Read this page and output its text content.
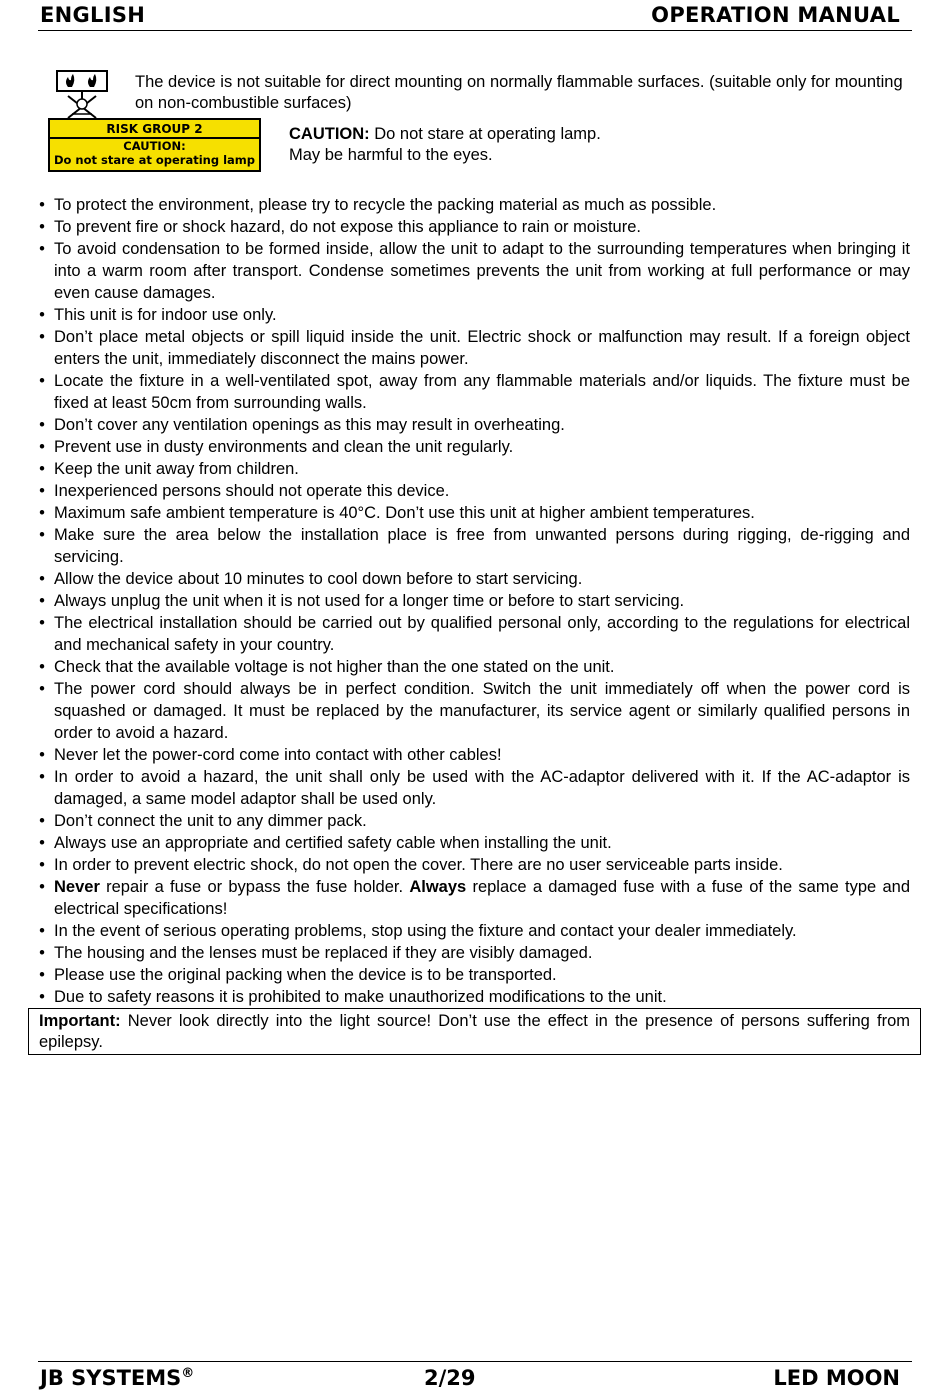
ENGLISH	OPERATION MANUAL
The device is not suitable for direct mounting on normally flammable surfaces. (suitable only for mounting on non-combustible surfaces)
RISK GROUP 2
CAUTION:
Do not stare at operating lamp
CAUTION: Do not stare at operating lamp.
May be harmful to the eyes.
• To protect the environment, please try to recycle the packing material as much as possible.
• To prevent fire or shock hazard, do not expose this appliance to rain or moisture.
• To avoid condensation to be formed inside, allow the unit to adapt to the surrounding temperatures when bringing it into a warm room after transport. Condense sometimes prevents the unit from working at full performance or may even cause damages.
• This unit is for indoor use only.
• Don’t place metal objects or spill liquid inside the unit. Electric shock or malfunction may result. If a foreign object enters the unit, immediately disconnect the mains power.
• Locate the fixture in a well-ventilated spot, away from any flammable materials and/or liquids. The fixture must be fixed at least 50cm from surrounding walls.
• Don’t cover any ventilation openings as this may result in overheating.
• Prevent use in dusty environments and clean the unit regularly.
• Keep the unit away from children.
• Inexperienced persons should not operate this device.
• Maximum safe ambient temperature is 40°C. Don’t use this unit at higher ambient temperatures.
• Make sure the area below the installation place is free from unwanted persons during rigging, de-rigging and servicing.
• Allow the device about 10 minutes to cool down before to start servicing.
• Always unplug the unit when it is not used for a longer time or before to start servicing.
• The electrical installation should be carried out by qualified personal only, according to the regulations for electrical and mechanical safety in your country.
• Check that the available voltage is not higher than the one stated on the unit.
• The power cord should always be in perfect condition. Switch the unit immediately off when the power cord is squashed or damaged. It must be replaced by the manufacturer, its service agent or similarly qualified persons in order to avoid a hazard.
• Never let the power-cord come into contact with other cables!
• In order to avoid a hazard, the unit shall only be used with the AC-adaptor delivered with it. If the AC-adaptor is damaged, a same model adaptor shall be used only.
• Don’t connect the unit to any dimmer pack.
• Always use an appropriate and certified safety cable when installing the unit.
• In order to prevent electric shock, do not open the cover. There are no user serviceable parts inside.
• Never repair a fuse or bypass the fuse holder. Always replace a damaged fuse with a fuse of the same type and electrical specifications!
• In the event of serious operating problems, stop using the fixture and contact your dealer immediately.
• The housing and the lenses must be replaced if they are visibly damaged.
• Please use the original packing when the device is to be transported.
• Due to safety reasons it is prohibited to make unauthorized modifications to the unit.
Important: Never look directly into the light source! Don’t use the effect in the presence of persons suffering from epilepsy.
JB SYSTEMS®	2/29	LED MOON
